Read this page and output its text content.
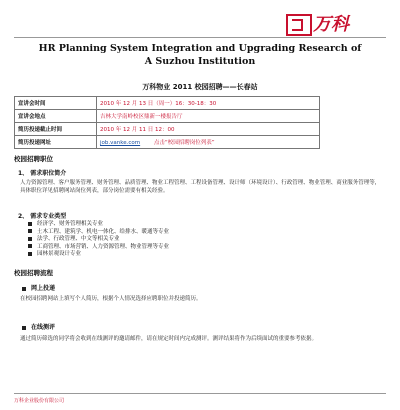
万科
HR Planning System Integration and Upgrading Research of
A Suzhou Institution
万科物业 2011 校园招聘——长春站
宣讲会时间	2010 年 12 月 13 日（周一）16：30-18：30
宣讲会地点	吉林大学南岭校区鼎新一楼报告厅
简历投递截止时间	2010 年 12 月 11 日 12：00
简历投递网址	job.vanke.com 点击“校园招聘岗位列表”
校园招聘职位
1、 需求职位简介
人力资源管理、客户服务管理、财务管理、品质管理、物业工程管理、工程设备管理、设计师（环境设计）、行政管理、物业管理、商业服务管理等，具体职位详见招聘网站岗位列表，部分岗位需要有相关经验。
2、 需求专业类型
经济学、财务管理相关专业
土木工程、建筑学、机电一体化、给排水、暖通等专业
法学、行政管理、中文等相关专业
工商管理、市场营销、人力资源管理、物业管理等专业
园林景观设计专业
校园招聘流程
网上投递
在校园招聘网站上填写个人简历，根据个人情况选择应聘职位并投递简历。
在线测评
通过简历筛选的同学将会收到在线测评的邀请邮件，请在规定时间内完成测评。测评结果将作为后续面试的重要参考依据。
万科企业股份有限公司
